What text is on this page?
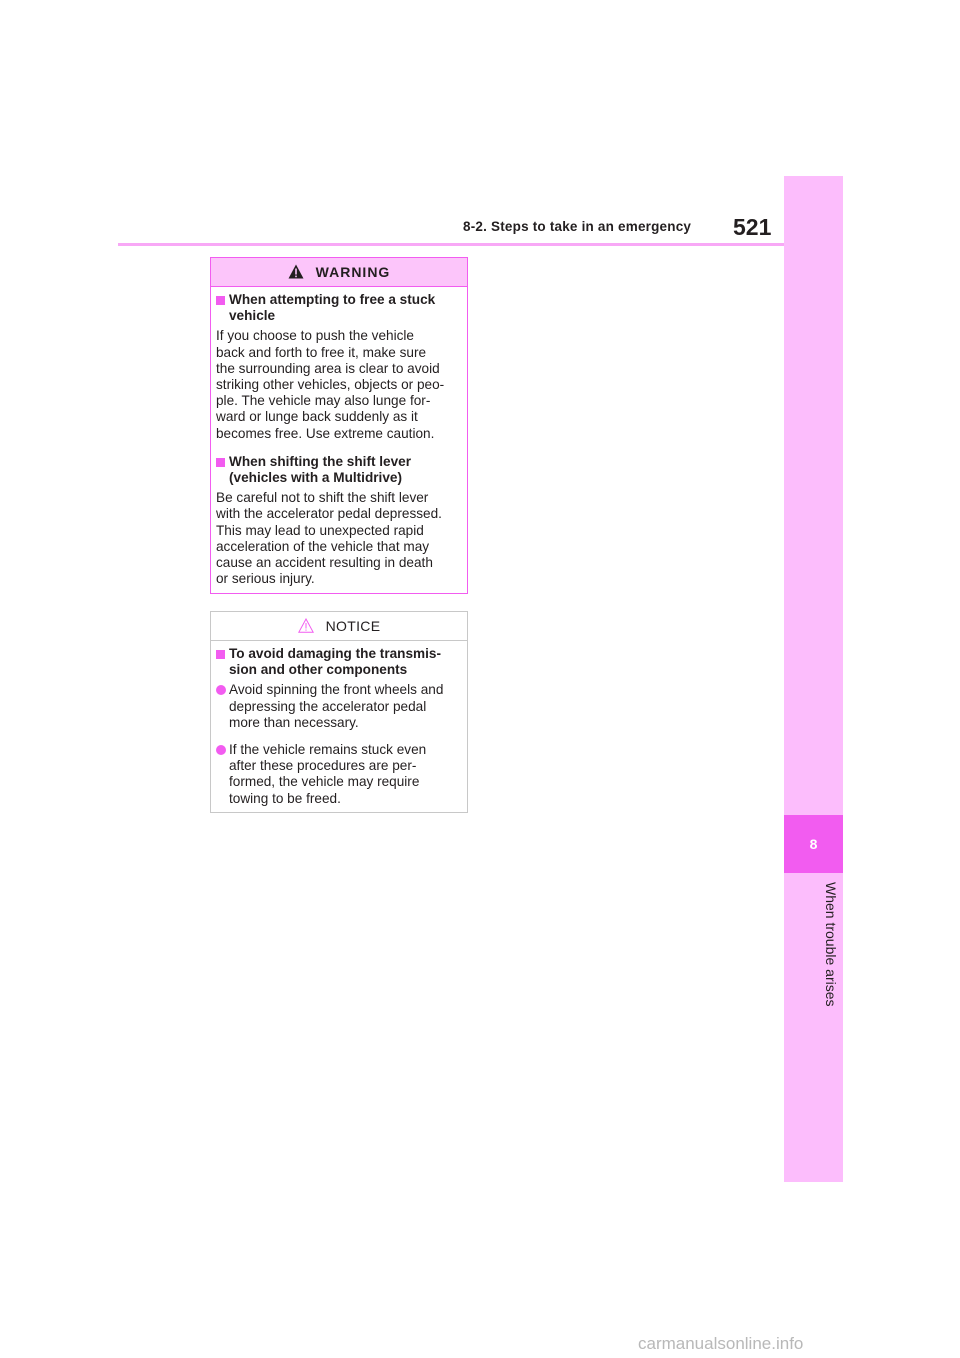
8
When trouble arises
8-2. Steps to take in an emergency 521
WARNING
When attempting to free a stuck
vehicle
If you choose to push the vehicle
back and forth to free it, make sure
the surrounding area is clear to avoid
striking other vehicles, objects or peo-
ple. The vehicle may also lunge for-
ward or lunge back suddenly as it
becomes free. Use extreme caution.
When shifting the shift lever
(vehicles with a Multidrive)
Be careful not to shift the shift lever
with the accelerator pedal depressed.
This may lead to unexpected rapid
acceleration of the vehicle that may
cause an accident resulting in death
or serious injury.
NOTICE
To avoid damaging the transmis-
sion and other components
Avoid spinning the front wheels and
depressing the accelerator pedal
more than necessary.
If the vehicle remains stuck even
after these procedures are per-
formed, the vehicle may require
towing to be freed.
carmanualsonline.info
